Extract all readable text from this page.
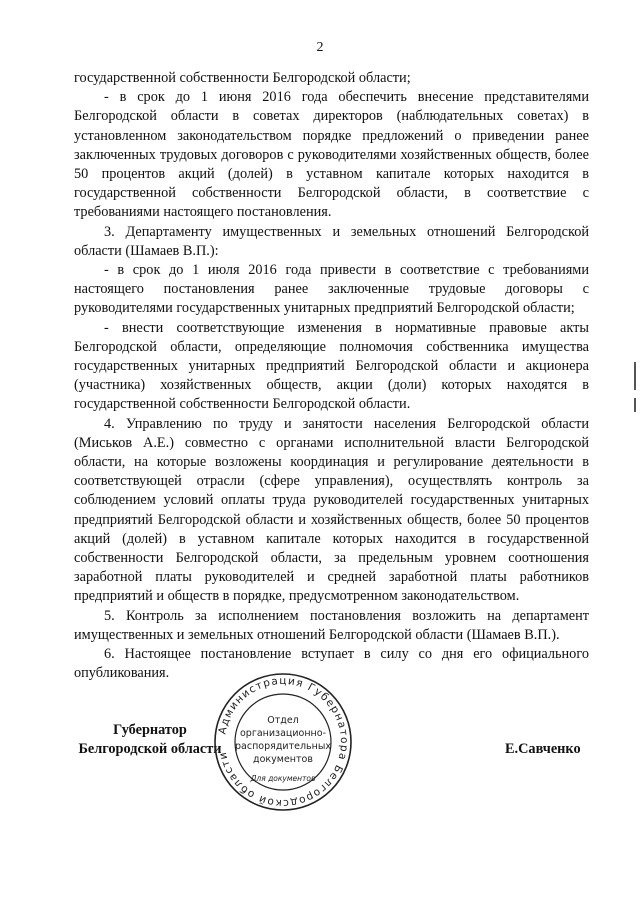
2

государственной собственности Белгородской области;

- в срок до 1 июня 2016 года обеспечить внесение представителями Белгородской области в советах директоров (наблюдательных советах) в установленном законодательством порядке предложений о приведении ранее заключенных трудовых договоров с руководителями хозяйственных обществ, более 50 процентов акций (долей) в уставном капитале которых находится в государственной собственности Белгородской области, в соответствие с требованиями настоящего постановления.

3. Департаменту имущественных и земельных отношений Белгородской области (Шамаев В.П.):

- в срок до 1 июля 2016 года привести в соответствие с требованиями настоящего постановления ранее заключенные трудовые договоры с руководителями государственных унитарных предприятий Белгородской области;

- внести соответствующие изменения в нормативные правовые акты Белгородской области, определяющие полномочия собственника имущества государственных унитарных предприятий Белгородской области и акционера (участника) хозяйственных обществ, акции (доли) которых находятся в государственной собственности Белгородской области.

4. Управлению по труду и занятости населения Белгородской области (Миськов А.Е.) совместно с органами исполнительной власти Белгородской области, на которые возложены координация и регулирование деятельности в соответствующей отрасли (сфере управления), осуществлять контроль за соблюдением условий оплаты труда руководителей государственных унитарных предприятий Белгородской области и хозяйственных обществ, более 50 процентов акций (долей) в уставном капитале которых находится в государственной собственности Белгородской области, за предельным уровнем соотношения заработной платы руководителей и средней заработной платы работников предприятий и обществ в порядке, предусмотренном законодательством.

5. Контроль за исполнением постановления возложить на департамент имущественных и земельных отношений Белгородской области (Шамаев В.П.).

6. Настоящее постановление вступает в силу со дня его официального опубликования.

Губернатор
Белгородской области	Е.Савченко
Администрация Губернатора Белгородской области
Отдел
организационно-
распорядительных
документов
Для документов
